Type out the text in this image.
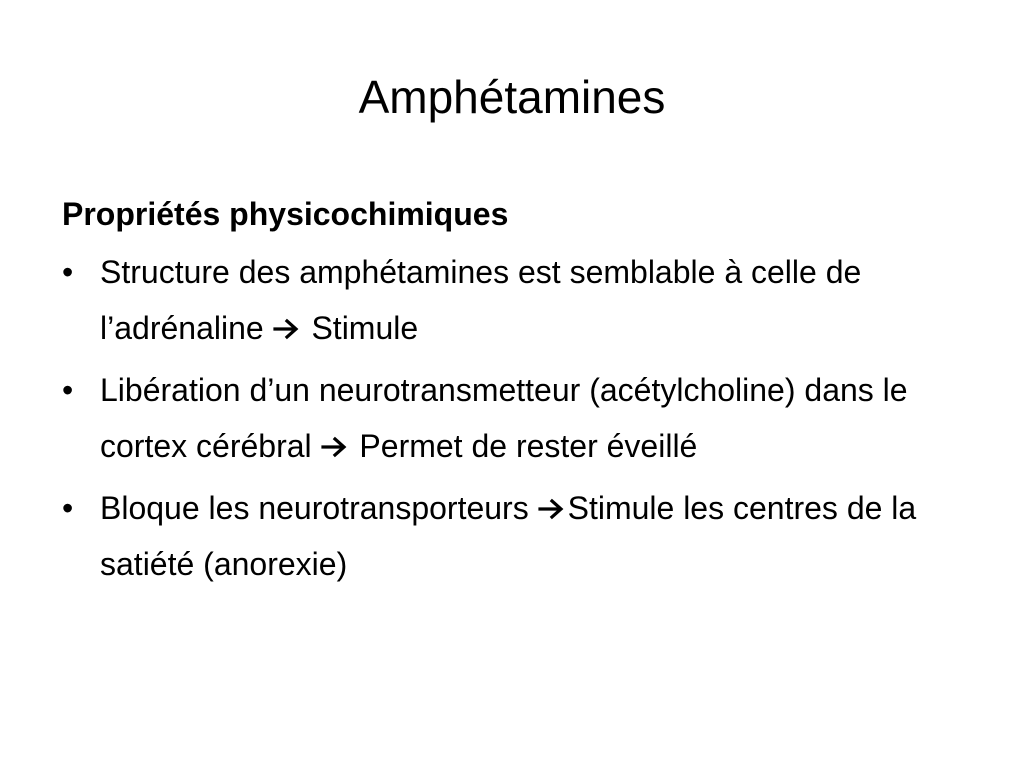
Amphétamines
Propriétés physicochimiques
• Structure des amphétamines est semblable à celle de l’adrénaline  Stimule
• Libération d’un neurotransmetteur (acétylcholine) dans le cortex cérébral  Permet de rester éveillé
• Bloque les neurotransporteurs Stimule les centres de la satiété (anorexie)
